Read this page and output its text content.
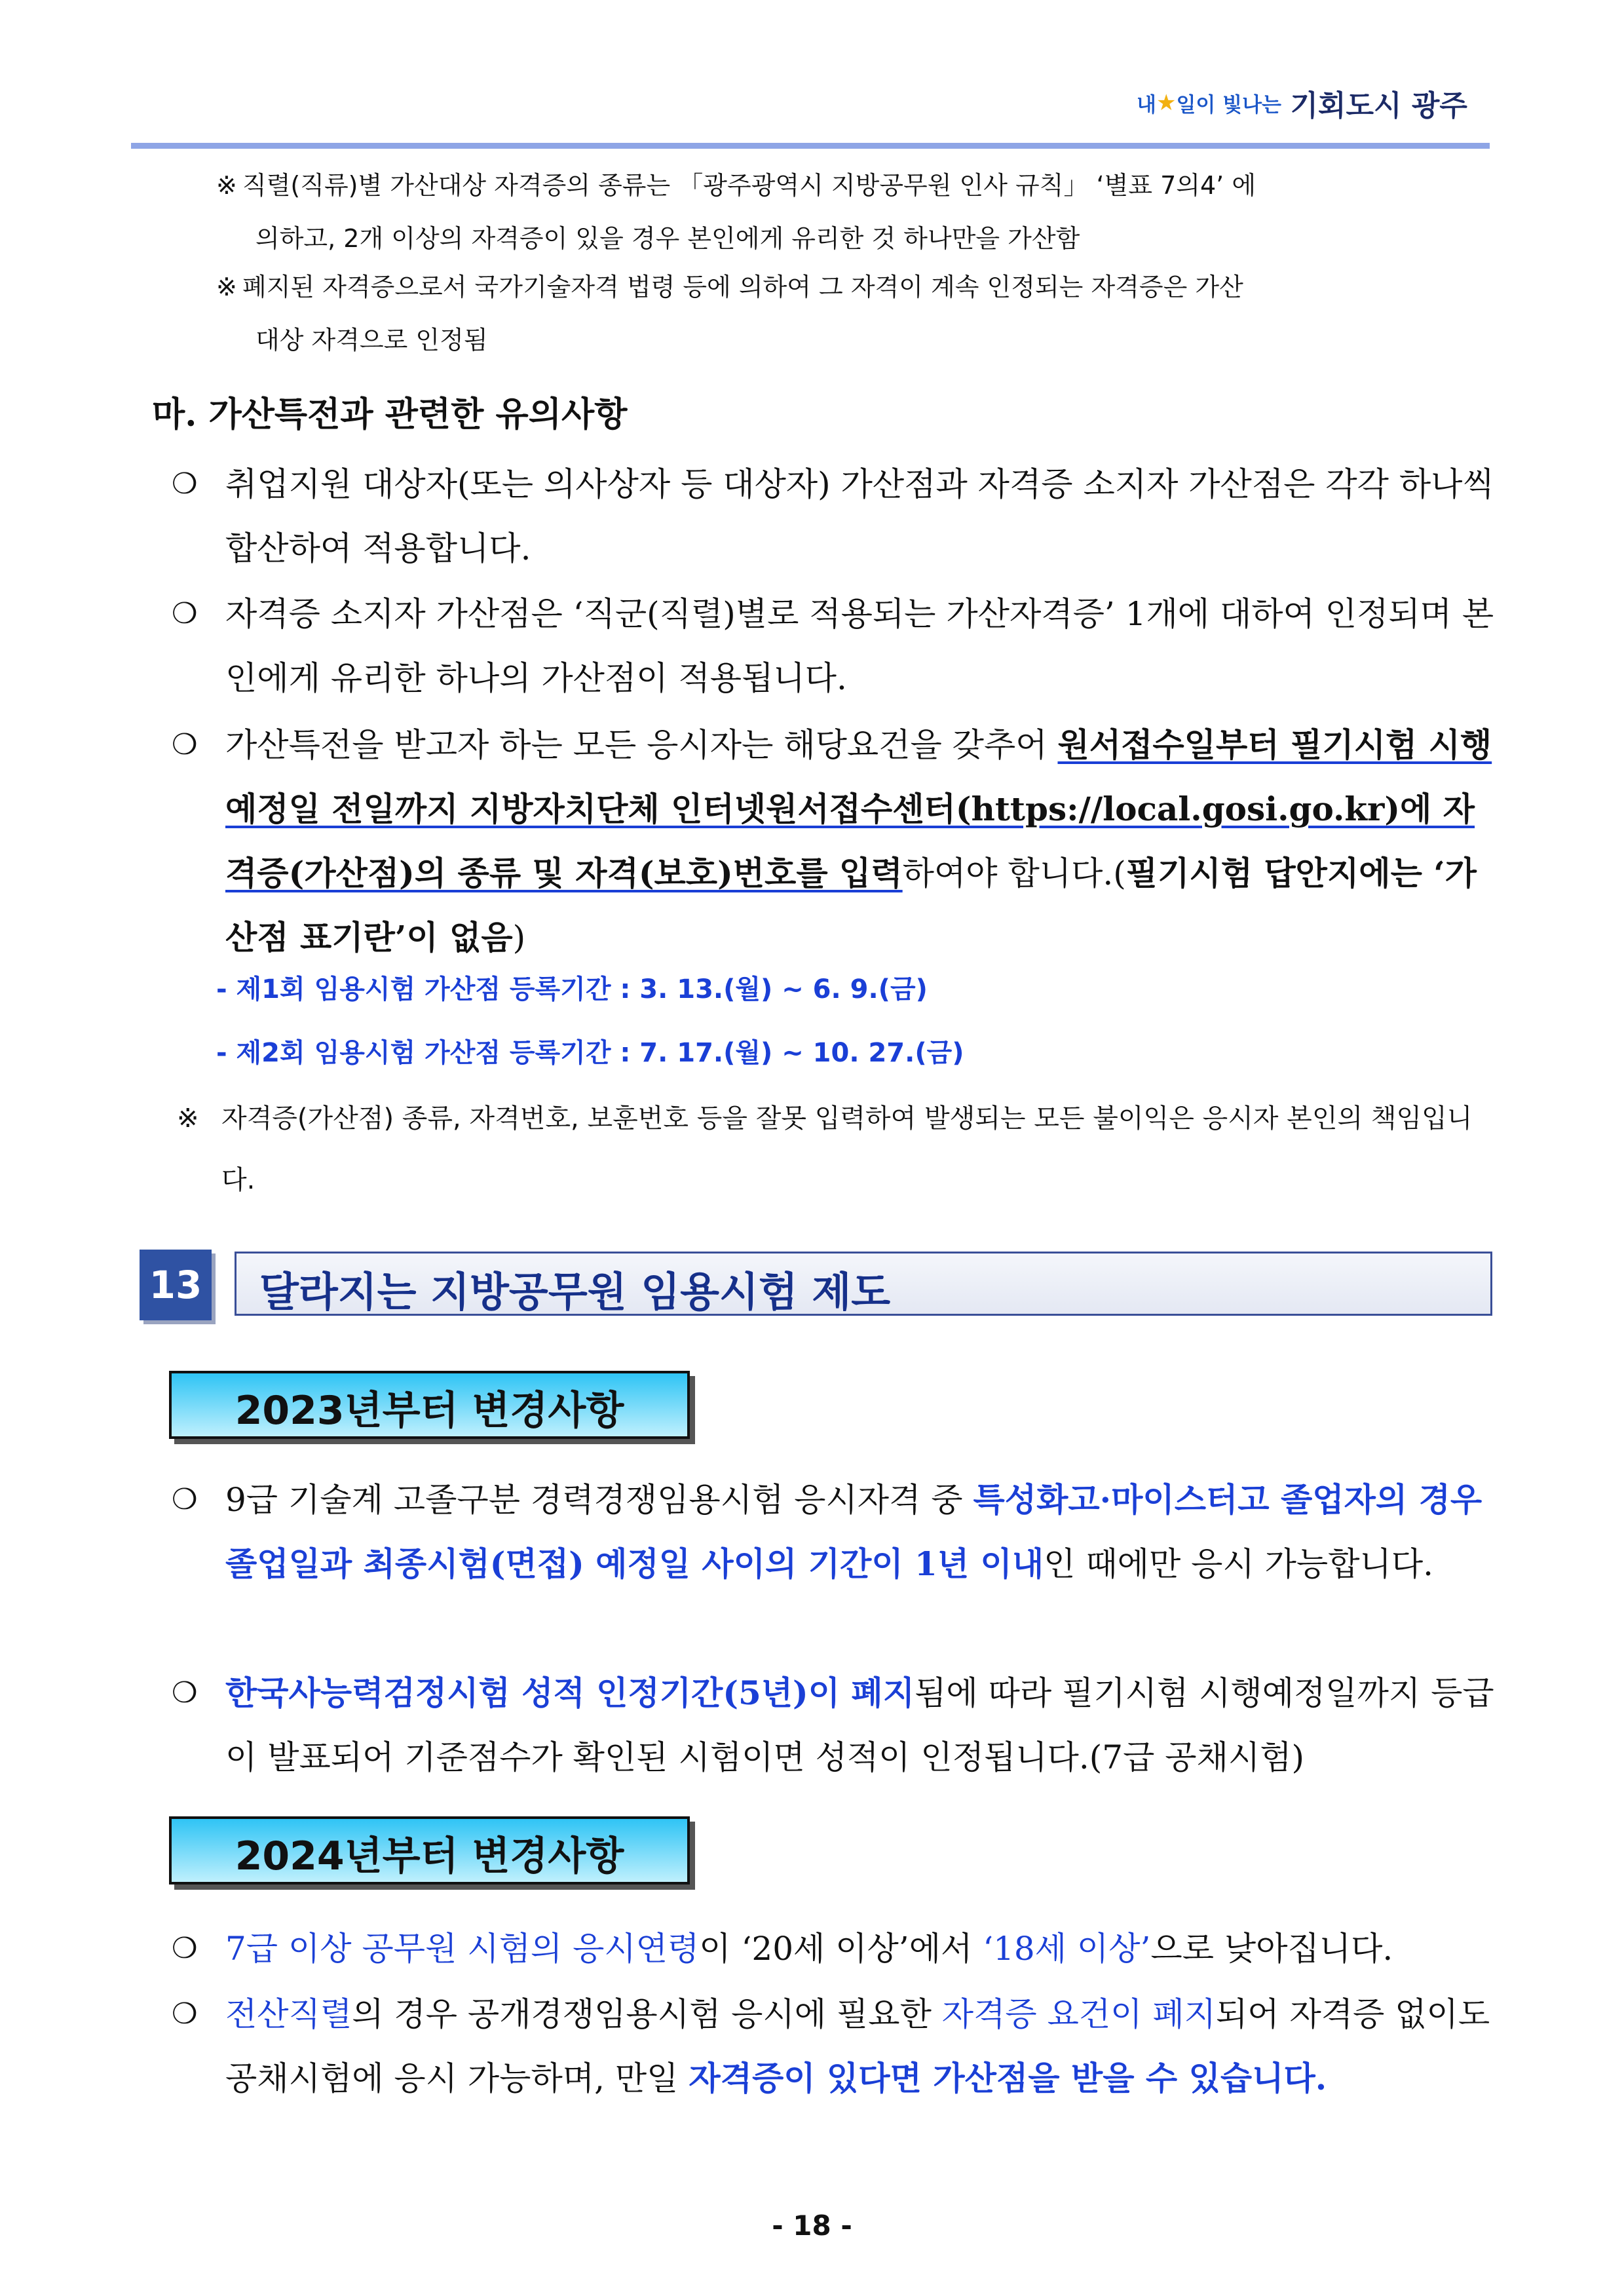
내★일이 빛나는 기회도시 광주
※ 직렬(직류)별 가산대상 자격증의 종류는 「광주광역시 지방공무원 인사 규칙」 ‘별표 7의4’ 에
의하고, 2개 이상의 자격증이 있을 경우 본인에게 유리한 것 하나만을 가산함
※ 폐지된 자격증으로서 국가기술자격 법령 등에 의하여 그 자격이 계속 인정되는 자격증은 가산
대상 자격으로 인정됨
마. 가산특전과 관련한 유의사항
❍ 취업지원 대상자(또는 의사상자 등 대상자) 가산점과 자격증 소지자 가산점은 각각 하나씩 합산하여 적용합니다.
❍ 자격증 소지자 가산점은 ‘직군(직렬)별로 적용되는 가산자격증’ 1개에 대하여 인정되며 본인에게 유리한 하나의 가산점이 적용됩니다.
❍ 가산특전을 받고자 하는 모든 응시자는 해당요건을 갖추어 원서접수일부터 필기시험 시행예정일 전일까지 지방자치단체 인터넷원서접수센터(https://local.gosi.go.kr)에 자격증(가산점)의 종류 및 자격(보호)번호를 입력하여야 합니다.(필기시험 답안지에는 ‘가산점 표기란’이 없음)
- 제1회 임용시험 가산점 등록기간 : 3. 13.(월) ~ 6. 9.(금)
- 제2회 임용시험 가산점 등록기간 : 7. 17.(월) ~ 10. 27.(금)
※ 자격증(가산점) 종류, 자격번호, 보훈번호 등을 잘못 입력하여 발생되는 모든 불이익은 응시자 본인의 책임입니다.
13 달라지는 지방공무원 임용시험 제도
2023년부터 변경사항
❍ 9급 기술계 고졸구분 경력경쟁임용시험 응시자격 중 특성화고·마이스터고 졸업자의 경우 졸업일과 최종시험(면접) 예정일 사이의 기간이 1년 이내인 때에만 응시 가능합니다.
❍ 한국사능력검정시험 성적 인정기간(5년)이 폐지됨에 따라 필기시험 시행예정일까지 등급이 발표되어 기준점수가 확인된 시험이면 성적이 인정됩니다.(7급 공채시험)
2024년부터 변경사항
❍ 7급 이상 공무원 시험의 응시연령이 ‘20세 이상’에서 ‘18세 이상’으로 낮아집니다.
❍ 전산직렬의 경우 공개경쟁임용시험 응시에 필요한 자격증 요건이 폐지되어 자격증 없이도 공채시험에 응시 가능하며, 만일 자격증이 있다면 가산점을 받을 수 있습니다.
- 18 -
